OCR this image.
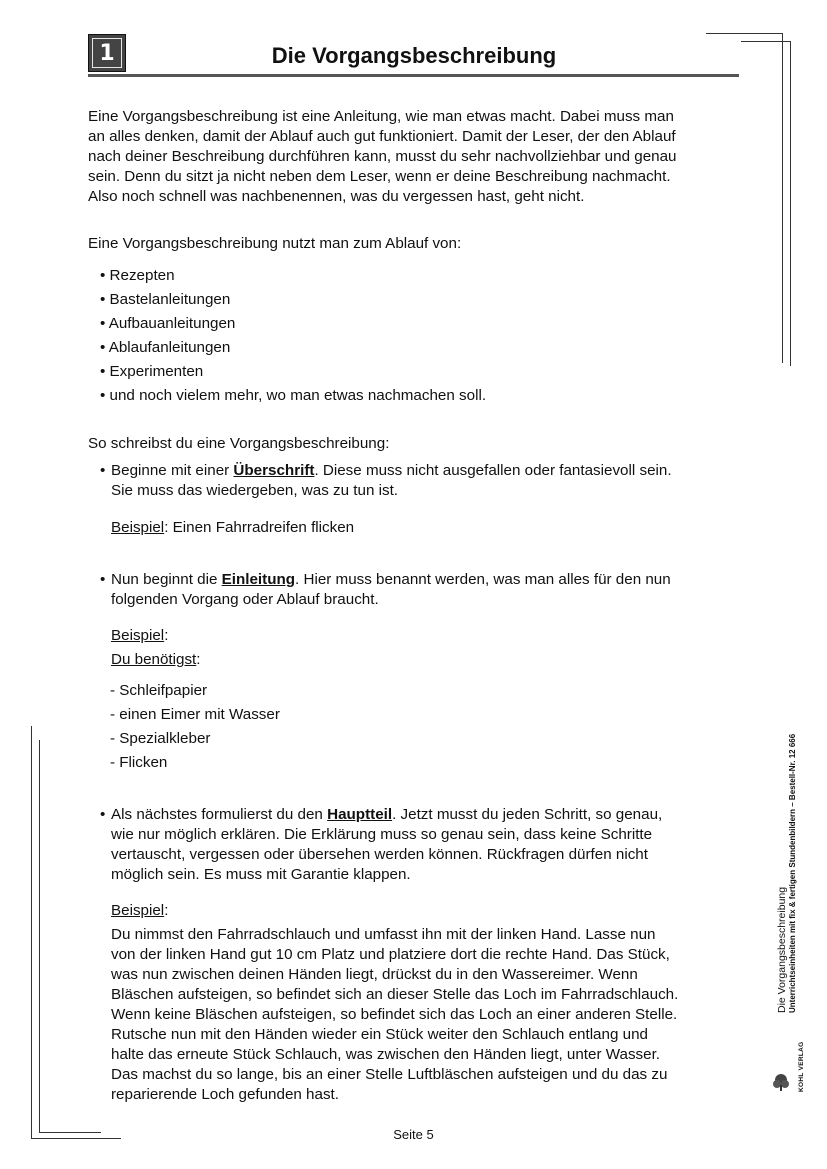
1	Die Vorgangsbeschreibung
Eine Vorgangsbeschreibung ist eine Anleitung, wie man etwas macht. Dabei muss man
an alles denken, damit der Ablauf auch gut funktioniert. Damit der Leser, der den Ablauf
nach deiner Beschreibung durchführen kann, musst du sehr nachvollziehbar und genau
sein. Denn du sitzt ja nicht neben dem Leser, wenn er deine Beschreibung nachmacht.
Also noch schnell was nachbenennen, was du vergessen hast, geht nicht.
Eine Vorgangsbeschreibung nutzt man zum Ablauf von:
• Rezepten
• Bastelanleitungen
• Aufbauanleitungen
• Ablaufanleitungen
• Experimenten
• und noch vielem mehr, wo man etwas nachmachen soll.
So schreibst du eine Vorgangsbeschreibung:
• Beginne mit einer Überschrift. Diese muss nicht ausgefallen oder fantasievoll sein.
Sie muss das wiedergeben, was zu tun ist.
Beispiel: Einen Fahrradreifen flicken
• Nun beginnt die Einleitung. Hier muss benannt werden, was man alles für den nun
folgenden Vorgang oder Ablauf braucht.
Beispiel:
Du benötigst:
- Schleifpapier
- einen Eimer mit Wasser
- Spezialkleber
- Flicken
• Als nächstes formulierst du den Hauptteil. Jetzt musst du jeden Schritt, so genau,
wie nur möglich erklären. Die Erklärung muss so genau sein, dass keine Schritte
vertauscht, vergessen oder übersehen werden können. Rückfragen dürfen nicht
möglich sein. Es muss mit Garantie klappen.
Beispiel:
Du nimmst den Fahrradschlauch und umfasst ihn mit der linken Hand. Lasse nun
von der linken Hand gut 10 cm Platz und platziere dort die rechte Hand. Das Stück,
was nun zwischen deinen Händen liegt, drückst du in den Wassereimer. Wenn
Bläschen aufsteigen, so befindet sich an dieser Stelle das Loch im Fahrradschlauch.
Wenn keine Bläschen aufsteigen, so befindet sich das Loch an einer anderen Stelle.
Rutsche nun mit den Händen wieder ein Stück weiter den Schlauch entlang und
halte das erneute Stück Schlauch, was zwischen den Händen liegt, unter Wasser.
Das machst du so lange, bis an einer Stelle Luftbläschen aufsteigen und du das zu
reparierende Loch gefunden hast.
Die Vorgangsbeschreibung Unterrichtseinheiten mit fix & fertigen Stundenbildern – Bestell-Nr. 12 666
KOHL VERLAG
Seite 5
